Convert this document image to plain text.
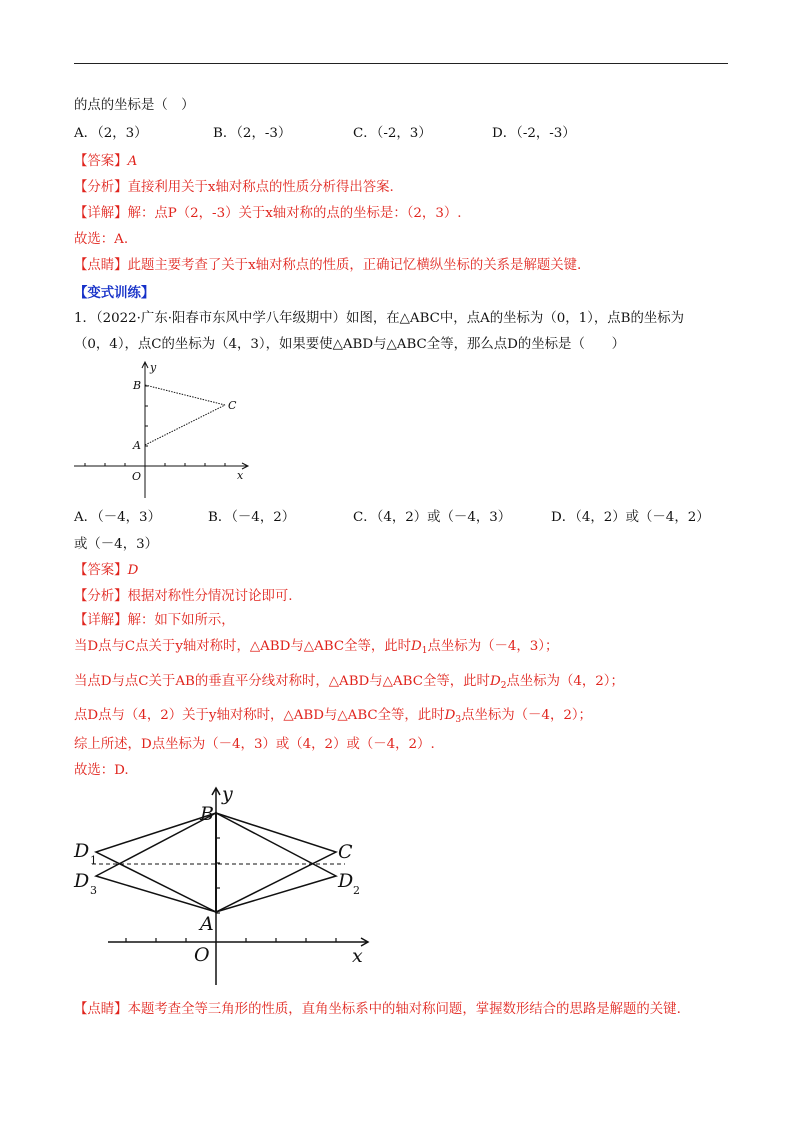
的点的坐标是（　）
A．（2，3）	B．（2，-3）	C．（-2，3）	D．（-2，-3）
【答案】A
【分析】直接利用关于x轴对称点的性质分析得出答案.
【详解】解：点P（2，-3）关于x轴对称的点的坐标是：（2，3）.
故选：A.
【点睛】此题主要考查了关于x轴对称点的性质，正确记忆横纵坐标的关系是解题关键.
【变式训练】
1．（2022·广东·阳春市东风中学八年级期中）如图，在△ABC中，点A的坐标为（0，1），点B的坐标为
（0，4），点C的坐标为（4，3），如果要使△ABD与△ABC全等，那么点D的坐标是（　　）
y
x
O
A
B
C
A．（－4，3）	B．（－4，2）	C．（4，2）或（－4，3）	D．（4，2）或（－4，2）
或（－4，3）
【答案】D
【分析】根据对称性分情况讨论即可.
【详解】解：如下如所示，
当D点与C点关于y轴对称时，△ABD与△ABC全等，此时$D_1$点坐标为（－4，3）；
当点D与点C关于AB的垂直平分线对称时，△ABD与△ABC全等，此时$D_2$点坐标为（4，2）；
点D点与（4，2）关于y轴对称时，△ABD与△ABC全等，此时$D_3$点坐标为（－4，2）；
综上所述，D点坐标为（－4，3）或（4，2）或（－4，2）.
故选：D.
y
x
O
A
B
C
D
D
D
1
2
3
【点睛】本题考查全等三角形的性质，直角坐标系中的轴对称问题，掌握数形结合的思路是解题的关键.
